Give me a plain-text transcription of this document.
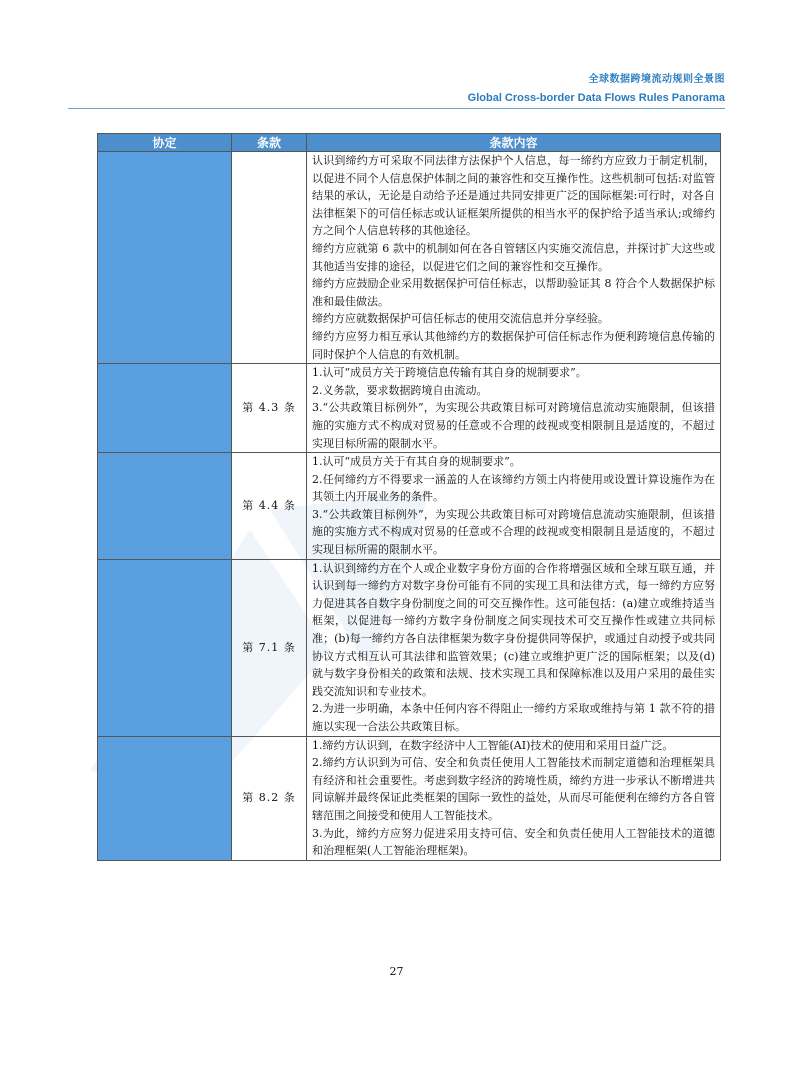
全球数据跨境流动规则全景图
Global Cross-border Data Flows Rules Panorama
协定	条款	条款内容

		认识到缔约方可采取不同法律方法保护个人信息，每一缔约方应致力于制定机制，以促进不同个人信息保护体制之间的兼容性和交互操作性。这些机制可包括:对监管结果的承认，无论是自动给予还是通过共同安排更广泛的国际框架:可行时，对各自法律框架下的可信任标志或认证框架所提供的相当水平的保护给予适当承认;或缔约方之间个人信息转移的其他途径。

缔约方应就第 6 款中的机制如何在各自管辖区内实施交流信息，并探讨扩大这些或其他适当安排的途径，以促进它们之间的兼容性和交互操作。

缔约方应鼓励企业采用数据保护可信任标志，以帮助验证其 8 符合个人数据保护标准和最佳做法。

缔约方应就数据保护可信任标志的使用交流信息并分享经验。

缔约方应努力相互承认其他缔约方的数据保护可信任标志作为便利跨境信息传输的同时保护个人信息的有效机制。

	第 4.3 条	1.认可“成员方关于跨境信息传输有其自身的规制要求”。

2.义务款，要求数据跨境自由流动。

3.“公共政策目标例外”，为实现公共政策目标可对跨境信息流动实施限制，但该措施的实施方式不构成对贸易的任意或不合理的歧视或变相限制且是适度的，不超过实现目标所需的限制水平。

	第 4.4 条	1.认可“成员方关于有其自身的规制要求”。

2.任何缔约方不得要求一涵盖的人在该缔约方领土内将使用或设置计算设施作为在其领土内开展业务的条件。

3.“公共政策目标例外”，为实现公共政策目标可对跨境信息流动实施限制，但该措施的实施方式不构成对贸易的任意或不合理的歧视或变相限制且是适度的，不超过实现目标所需的限制水平。

	第 7.1 条	1.认识到缔约方在个人或企业数字身份方面的合作将增强区域和全球互联互通，并认识到每一缔约方对数字身份可能有不同的实现工具和法律方式，每一缔约方应努力促进其各自数字身份制度之间的可交互操作性。这可能包括：(a)建立或维持适当框架，以促进每一缔约方数字身份制度之间实现技术可交互操作性或建立共同标准；(b)每一缔约方各自法律框架为数字身份提供同等保护，或通过自动授予或共同协议方式相互认可其法律和监管效果；(c)建立或维护更广泛的国际框架；以及(d)就与数字身份相关的政策和法规、技术实现工具和保障标准以及用户采用的最佳实践交流知识和专业技术。

2.为进一步明确，本条中任何内容不得阻止一缔约方采取或维持与第 1 款不符的措施以实现一合法公共政策目标。

	第 8.2 条	1.缔约方认识到，在数字经济中人工智能(AI)技术的使用和采用日益广泛。

2.缔约方认识到为可信、安全和负责任使用人工智能技术而制定道德和治理框架具有经济和社会重要性。考虑到数字经济的跨境性质，缔约方进一步承认不断增进共同谅解并最终保证此类框架的国际一致性的益处，从而尽可能便利在缔约方各自管辖范围之间接受和使用人工智能技术。

3.为此，缔约方应努力促进采用支持可信、安全和负责任使用人工智能技术的道德和治理框架(人工智能治理框架)。

27
